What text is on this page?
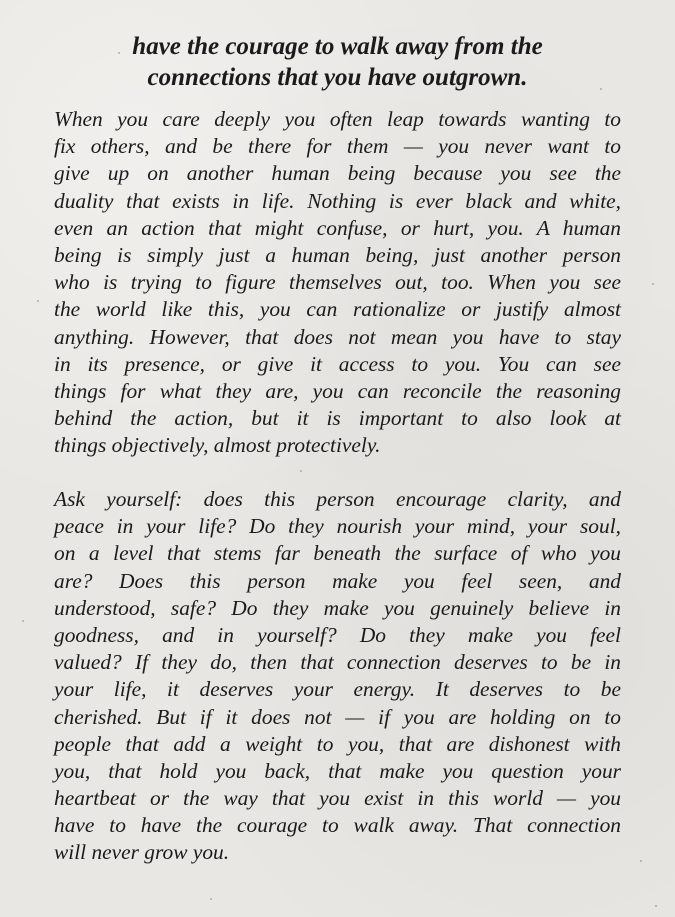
have the courage to walk away from the
connections that you have outgrown.

When you care deeply you often leap towards wanting to
fix others, and be there for them — you never want to
give up on another human being because you see the
duality that exists in life. Nothing is ever black and white,
even an action that might confuse, or hurt, you. A human
being is simply just a human being, just another person
who is trying to figure themselves out, too. When you see
the world like this, you can rationalize or justify almost
anything. However, that does not mean you have to stay
in its presence, or give it access to you. You can see
things for what they are, you can reconcile the reasoning
behind the action, but it is important to also look at
things objectively, almost protectively.

Ask yourself: does this person encourage clarity, and
peace in your life? Do they nourish your mind, your soul,
on a level that stems far beneath the surface of who you
are? Does this person make you feel seen, and
understood, safe? Do they make you genuinely believe in
goodness, and in yourself? Do they make you feel
valued? If they do, then that connection deserves to be in
your life, it deserves your energy. It deserves to be
cherished. But if it does not — if you are holding on to
people that add a weight to you, that are dishonest with
you, that hold you back, that make you question your
heartbeat or the way that you exist in this world — you
have to have the courage to walk away. That connection
will never grow you.
